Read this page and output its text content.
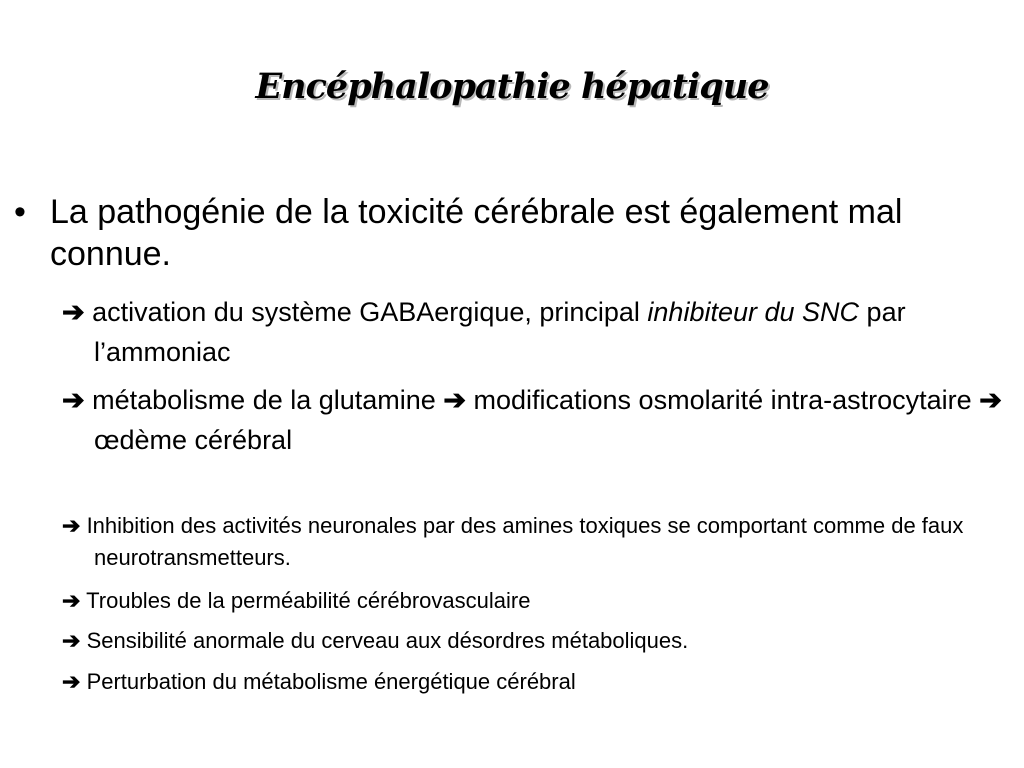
Encéphalopathie hépatique
• La pathogénie de la toxicité cérébrale est également mal connue.
➔ activation du système GABAergique, principal inhibiteur du SNC par l’ammoniac
➔ métabolisme de la glutamine ➔ modifications osmolarité intra-astrocytaire ➔ œdème cérébral
➔ Inhibition des activités neuronales par des amines toxiques se comportant comme de faux neurotransmetteurs.
➔ Troubles de la perméabilité cérébrovasculaire
➔ Sensibilité anormale du cerveau aux désordres métaboliques.
➔ Perturbation du métabolisme énergétique cérébral
